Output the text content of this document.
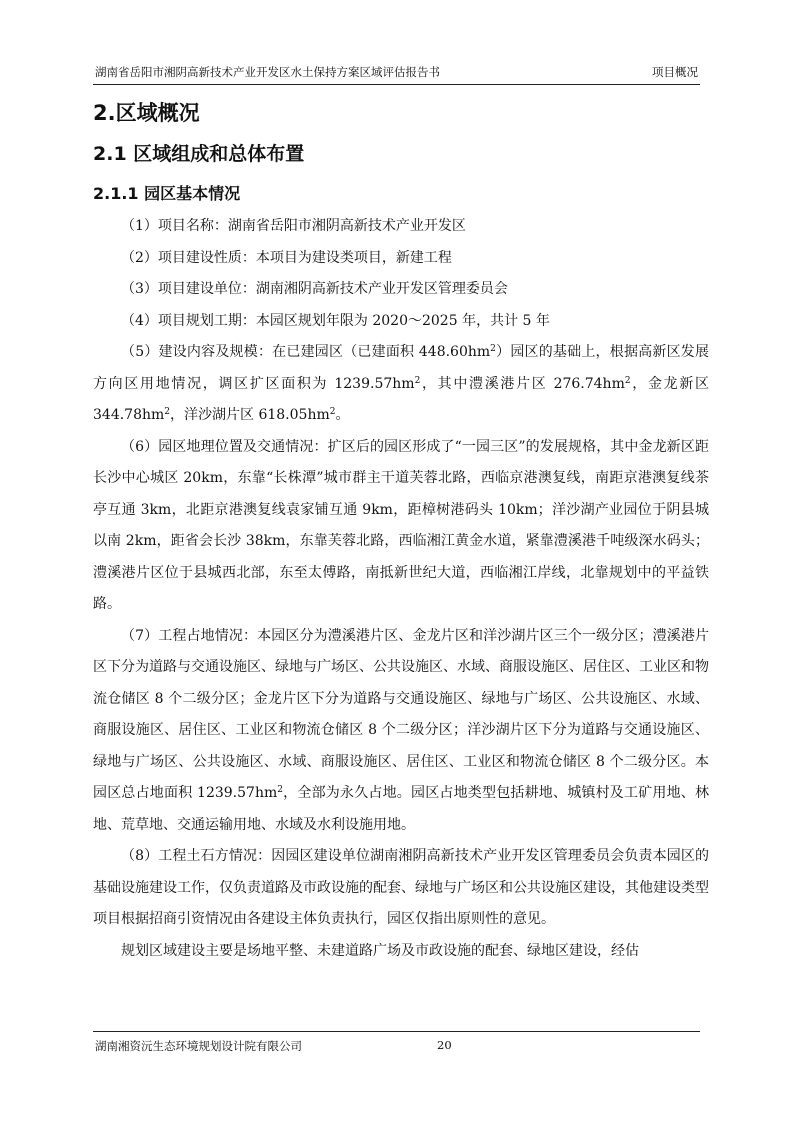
湖南省岳阳市湘阴高新技术产业开发区水土保持方案区域评估报告书	项目概况
2.区域概况
2.1 区域组成和总体布置
2.1.1 园区基本情况

（1）项目名称：湖南省岳阳市湘阴高新技术产业开发区

（2）项目建设性质：本项目为建设类项目，新建工程

（3）项目建设单位：湖南湘阴高新技术产业开发区管理委员会

（4）项目规划工期：本园区规划年限为 2020～2025 年，共计 5 年

（5）建设内容及规模：在已建园区（已建面积 $448.60hm^2$）园区的基础上，根据高新区发展方向区用地情况，调区扩区面积为 $1239.57hm^2$，其中澧溪港片区 $276.74hm^2$，金龙新区 $344.78hm^2$，洋沙湖片区 $618.05hm^2$。

（6）园区地理位置及交通情况：扩区后的园区形成了“一园三区”的发展规格，其中金龙新区距长沙中心城区 20km，东靠“长株潭”城市群主干道芙蓉北路，西临京港澳复线，南距京港澳复线茶亭互通 3km，北距京港澳复线袁家铺互通 9km，距樟树港码头 10km；洋沙湖产业园位于阴县城以南 2km，距省会长沙 38km，东靠芙蓉北路，西临湘江黄金水道，紧靠澧溪港千吨级深水码头；澧溪港片区位于县城西北部，东至太傅路，南抵新世纪大道，西临湘江岸线，北靠规划中的平益铁路。

（7）工程占地情况：本园区分为澧溪港片区、金龙片区和洋沙湖片区三个一级分区；澧溪港片区下分为道路与交通设施区、绿地与广场区、公共设施区、水域、商服设施区、居住区、工业区和物流仓储区 8 个二级分区；金龙片区下分为道路与交通设施区、绿地与广场区、公共设施区、水域、商服设施区、居住区、工业区和物流仓储区 8 个二级分区；洋沙湖片区下分为道路与交通设施区、绿地与广场区、公共设施区、水域、商服设施区、居住区、工业区和物流仓储区 8 个二级分区。本园区总占地面积 $1239.57hm^2$，全部为永久占地。园区占地类型包括耕地、城镇村及工矿用地、林地、荒草地、交通运输用地、水域及水利设施用地。

（8）工程土石方情况：因园区建设单位湖南湘阴高新技术产业开发区管理委员会负责本园区的基础设施建设工作，仅负责道路及市政设施的配套、绿地与广场区和公共设施区建设，其他建设类型项目根据招商引资情况由各建设主体负责执行，园区仅指出原则性的意见。

规划区域建设主要是场地平整、未建道路广场及市政设施的配套、绿地区建设，经估

湖南湘资沅生态环境规划设计院有限公司	20
